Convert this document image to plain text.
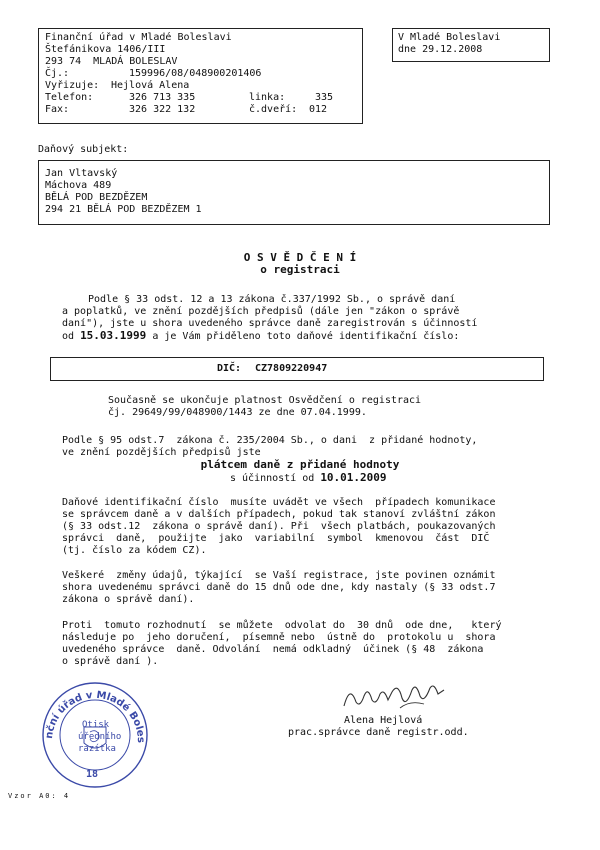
Finanční úřad v Mladé Boleslavi
Štefánikova 1406/III
293 74  MLADÁ BOLESLAV
Čj.:	159996/08/048900201406
Vyřizuje: Hejlová Alena
Telefon:	326 713 335	linka:	335
Fax:	326 322 132	č.dveří: 012
V Mladé Boleslavi
dne 29.12.2008
Daňový subjekt:
Jan Vltavský
Máchova 489
BĚLÁ POD BEZDĚZEM
294 21 BĚLÁ POD BEZDĚZEM 1
O S V Ě D Č E N Í
o registraci
Podle § 33 odst. 12 a 13 zákona č.337/1992 Sb., o správě daní
a poplatků, ve znění pozdějších předpisů (dále jen "zákon o správě
daní"), jste u shora uvedeného správce daně zaregistrován s účinností
od 15.03.1999 a je Vám přiděleno toto daňové identifikační číslo:
DIČ: CZ7809220947
Současně se ukončuje platnost Osvědčení o registraci
čj. 29649/99/048900/1443 ze dne 07.04.1999.
Podle § 95 odst.7  zákona č. 235/2004 Sb., o dani  z přidané hodnoty,
ve znění pozdějších předpisů jste
plátcem daně z přidané hodnoty
s účinností od 10.01.2009
Daňové identifikační číslo  musíte uvádět ve všech  případech komunikace
se správcem daně a v dalších případech, pokud tak stanoví zvláštní zákon
(§ 33 odst.12  zákona o správě daní). Při  všech platbách, poukazovaných
správci  daně,  použijte  jako  variabilní  symbol  kmenovou  část  DIČ
(tj. číslo za kódem CZ).
Veškeré  změny údajů, týkající  se Vaší registrace, jste povinen oznámit
shora uvedenému správci daně do 15 dnů ode dne, kdy nastaly (§ 33 odst.7
zákona o správě daní).
Proti  tomuto rozhodnutí  se můžete  odvolat do  30 dnů  ode dne,   který
následuje po  jeho doručení,  písemně nebo  ústně do  protokolu u  shora
uvedeného správce  daně. Odvolání  nemá odkladný  účinek (§ 48  zákona
o správě daní ).
nční úřad v Mladé Boles
Otisk
úředního
razítka
18
Alena Hejlová
prac.správce daně registr.odd.
Vzor A0: 4
